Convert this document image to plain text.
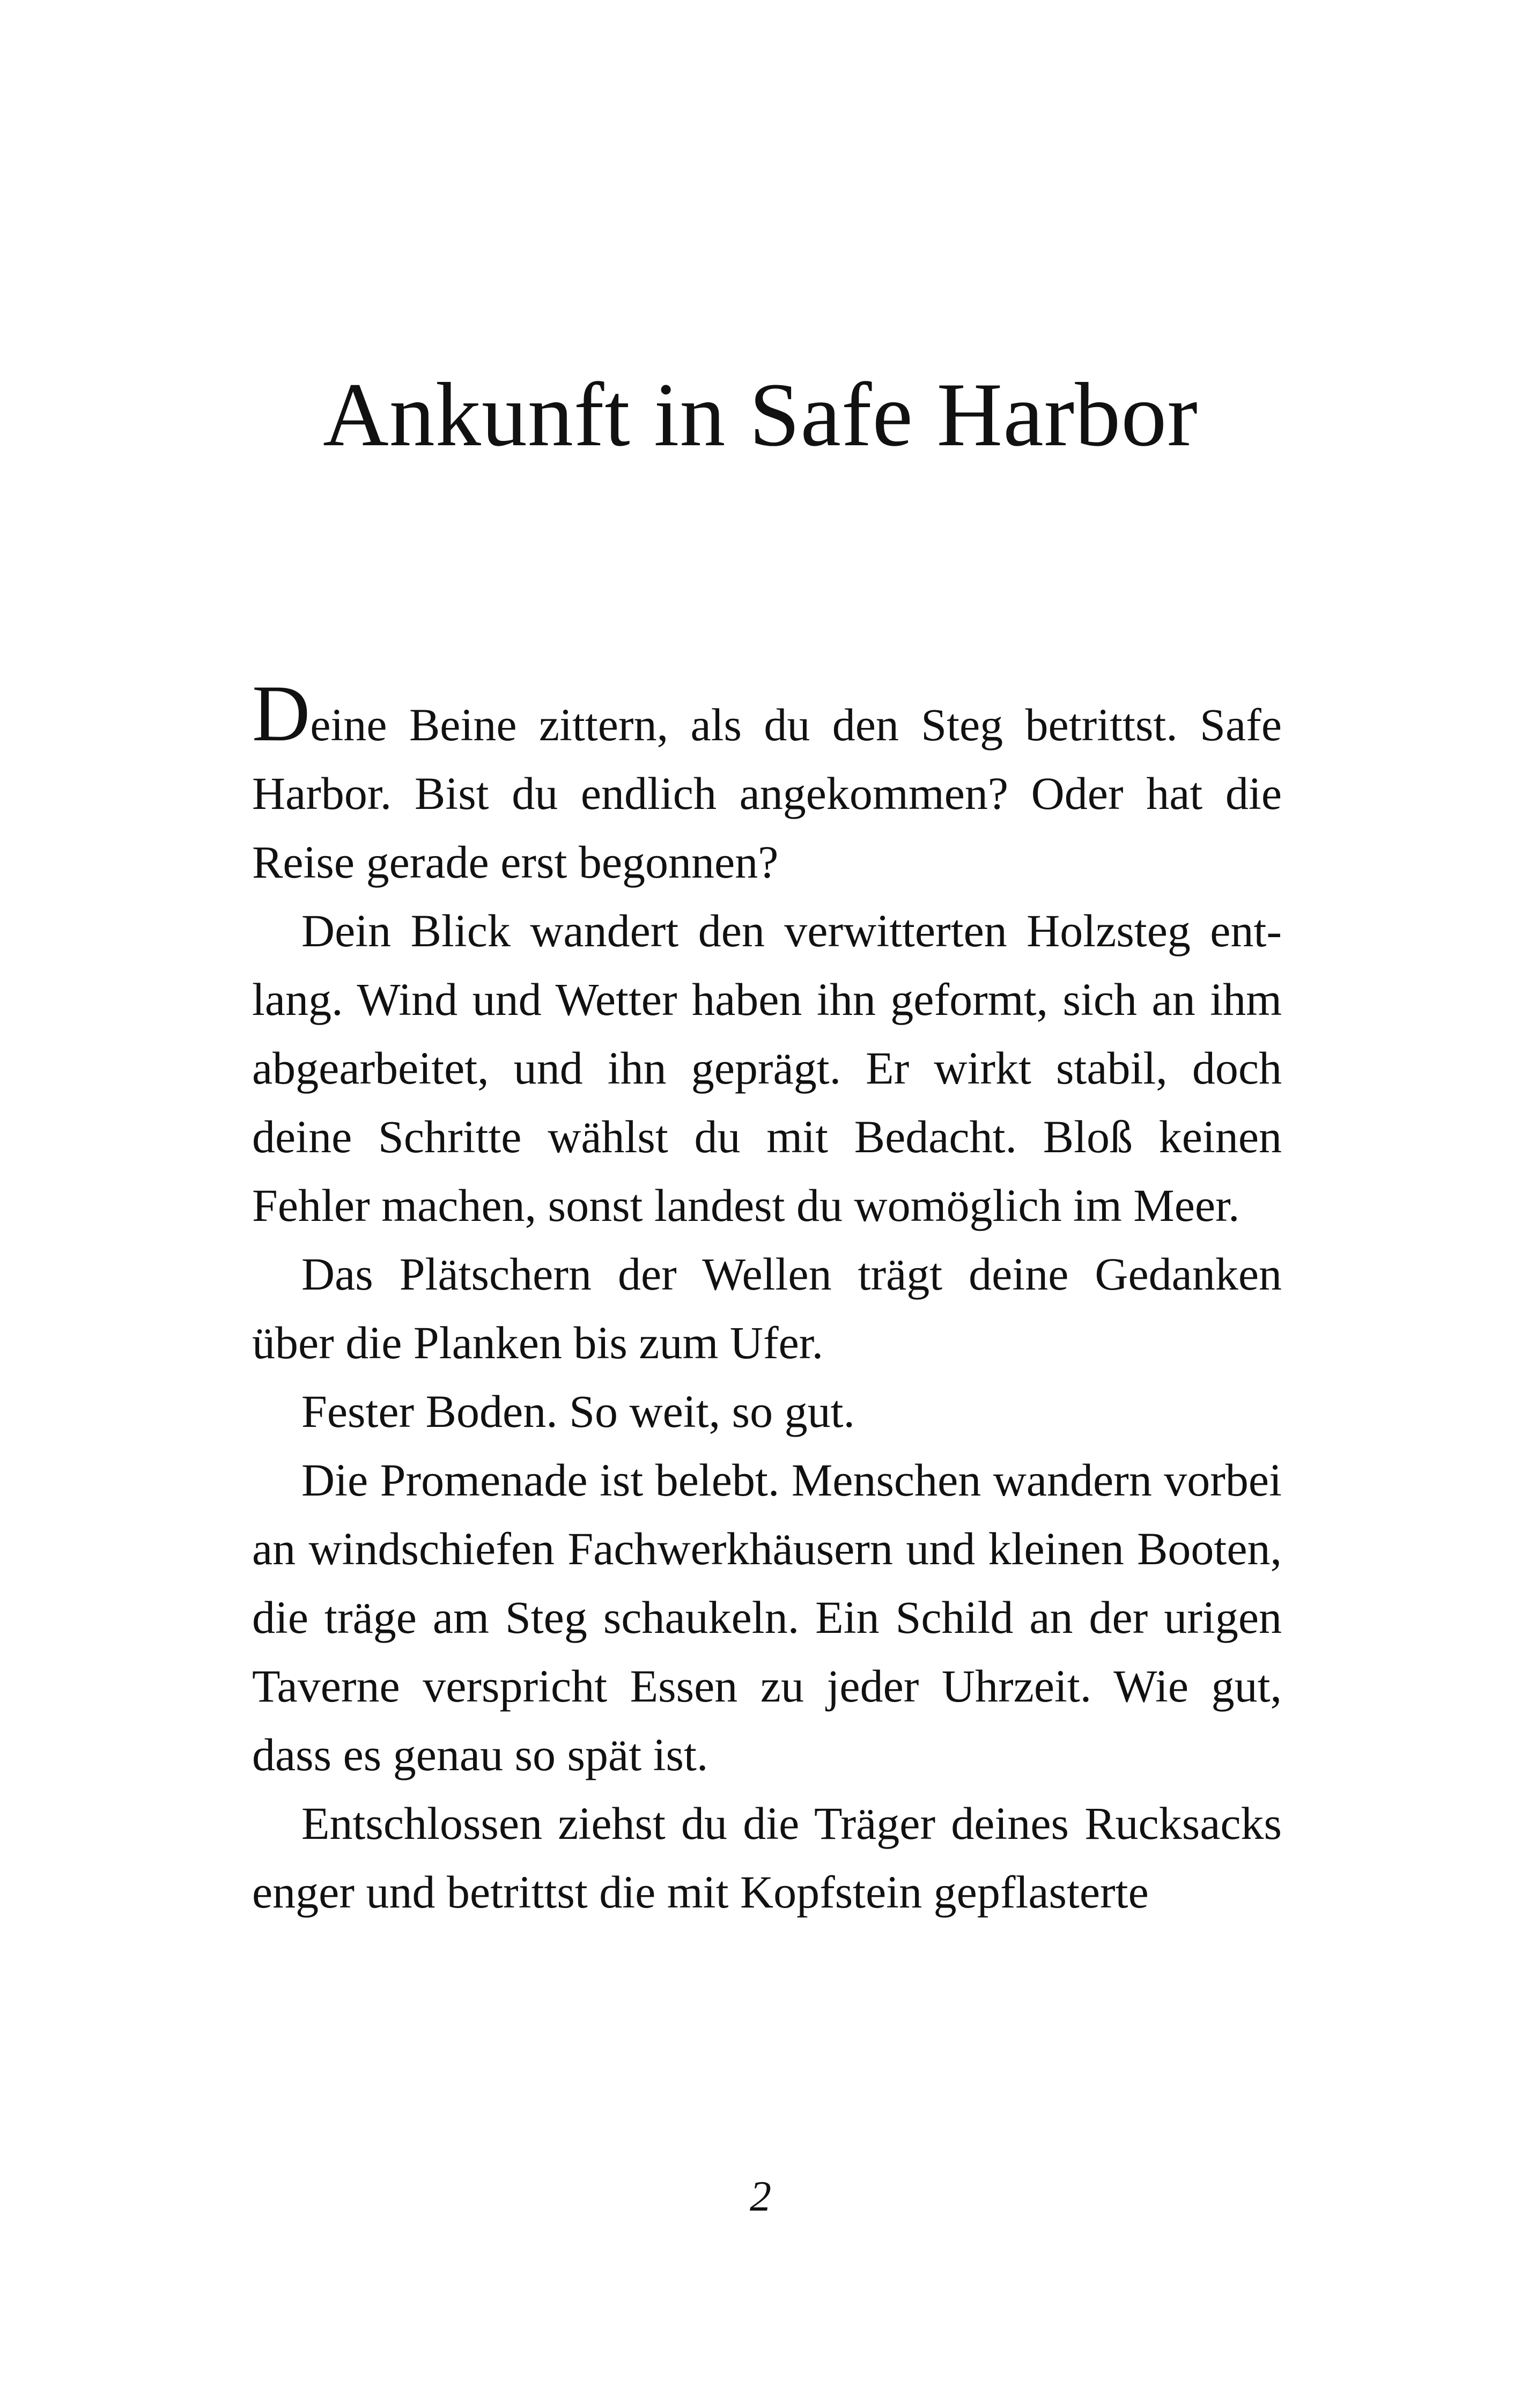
Ankunft in Safe Harbor

Deine Beine zittern, als du den Steg betrittst. Safe Harbor. Bist du endlich angekommen? Oder hat die Reise gerade erst begonnen?

Dein Blick wandert den verwitterten Holzsteg entlang. Wind und Wetter haben ihn geformt, sich an ihm abgearbeitet, und ihn geprägt. Er wirkt stabil, doch deine Schritte wählst du mit Bedacht. Bloß keinen Fehler machen, sonst landest du womöglich im Meer.

Das Plätschern der Wellen trägt deine Gedanken über die Planken bis zum Ufer.

Fester Boden. So weit, so gut.

Die Promenade ist belebt. Menschen wandern vorbei an windschiefen Fachwerkhäusern und kleinen Booten, die träge am Steg schaukeln. Ein Schild an der urigen Taverne verspricht Essen zu jeder Uhrzeit. Wie gut, dass es genau so spät ist.

Entschlossen ziehst du die Träger deines Rucksacks enger und betrittst die mit Kopfstein gepflasterte

2
